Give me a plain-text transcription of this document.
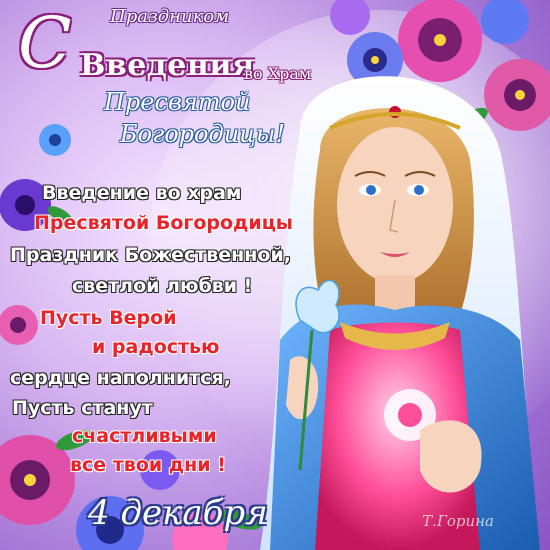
С Праздником
Введения
во Храм
Пресвятой
Богородицы!
Введение во храм
Пресвятой Богородицы
Праздник Божественной,
светлой любви !
Пусть Верой
и радостью
сердце наполнится,
Пусть станут
счастливыми
все твои дни !
4 декабря	Т.Горина
